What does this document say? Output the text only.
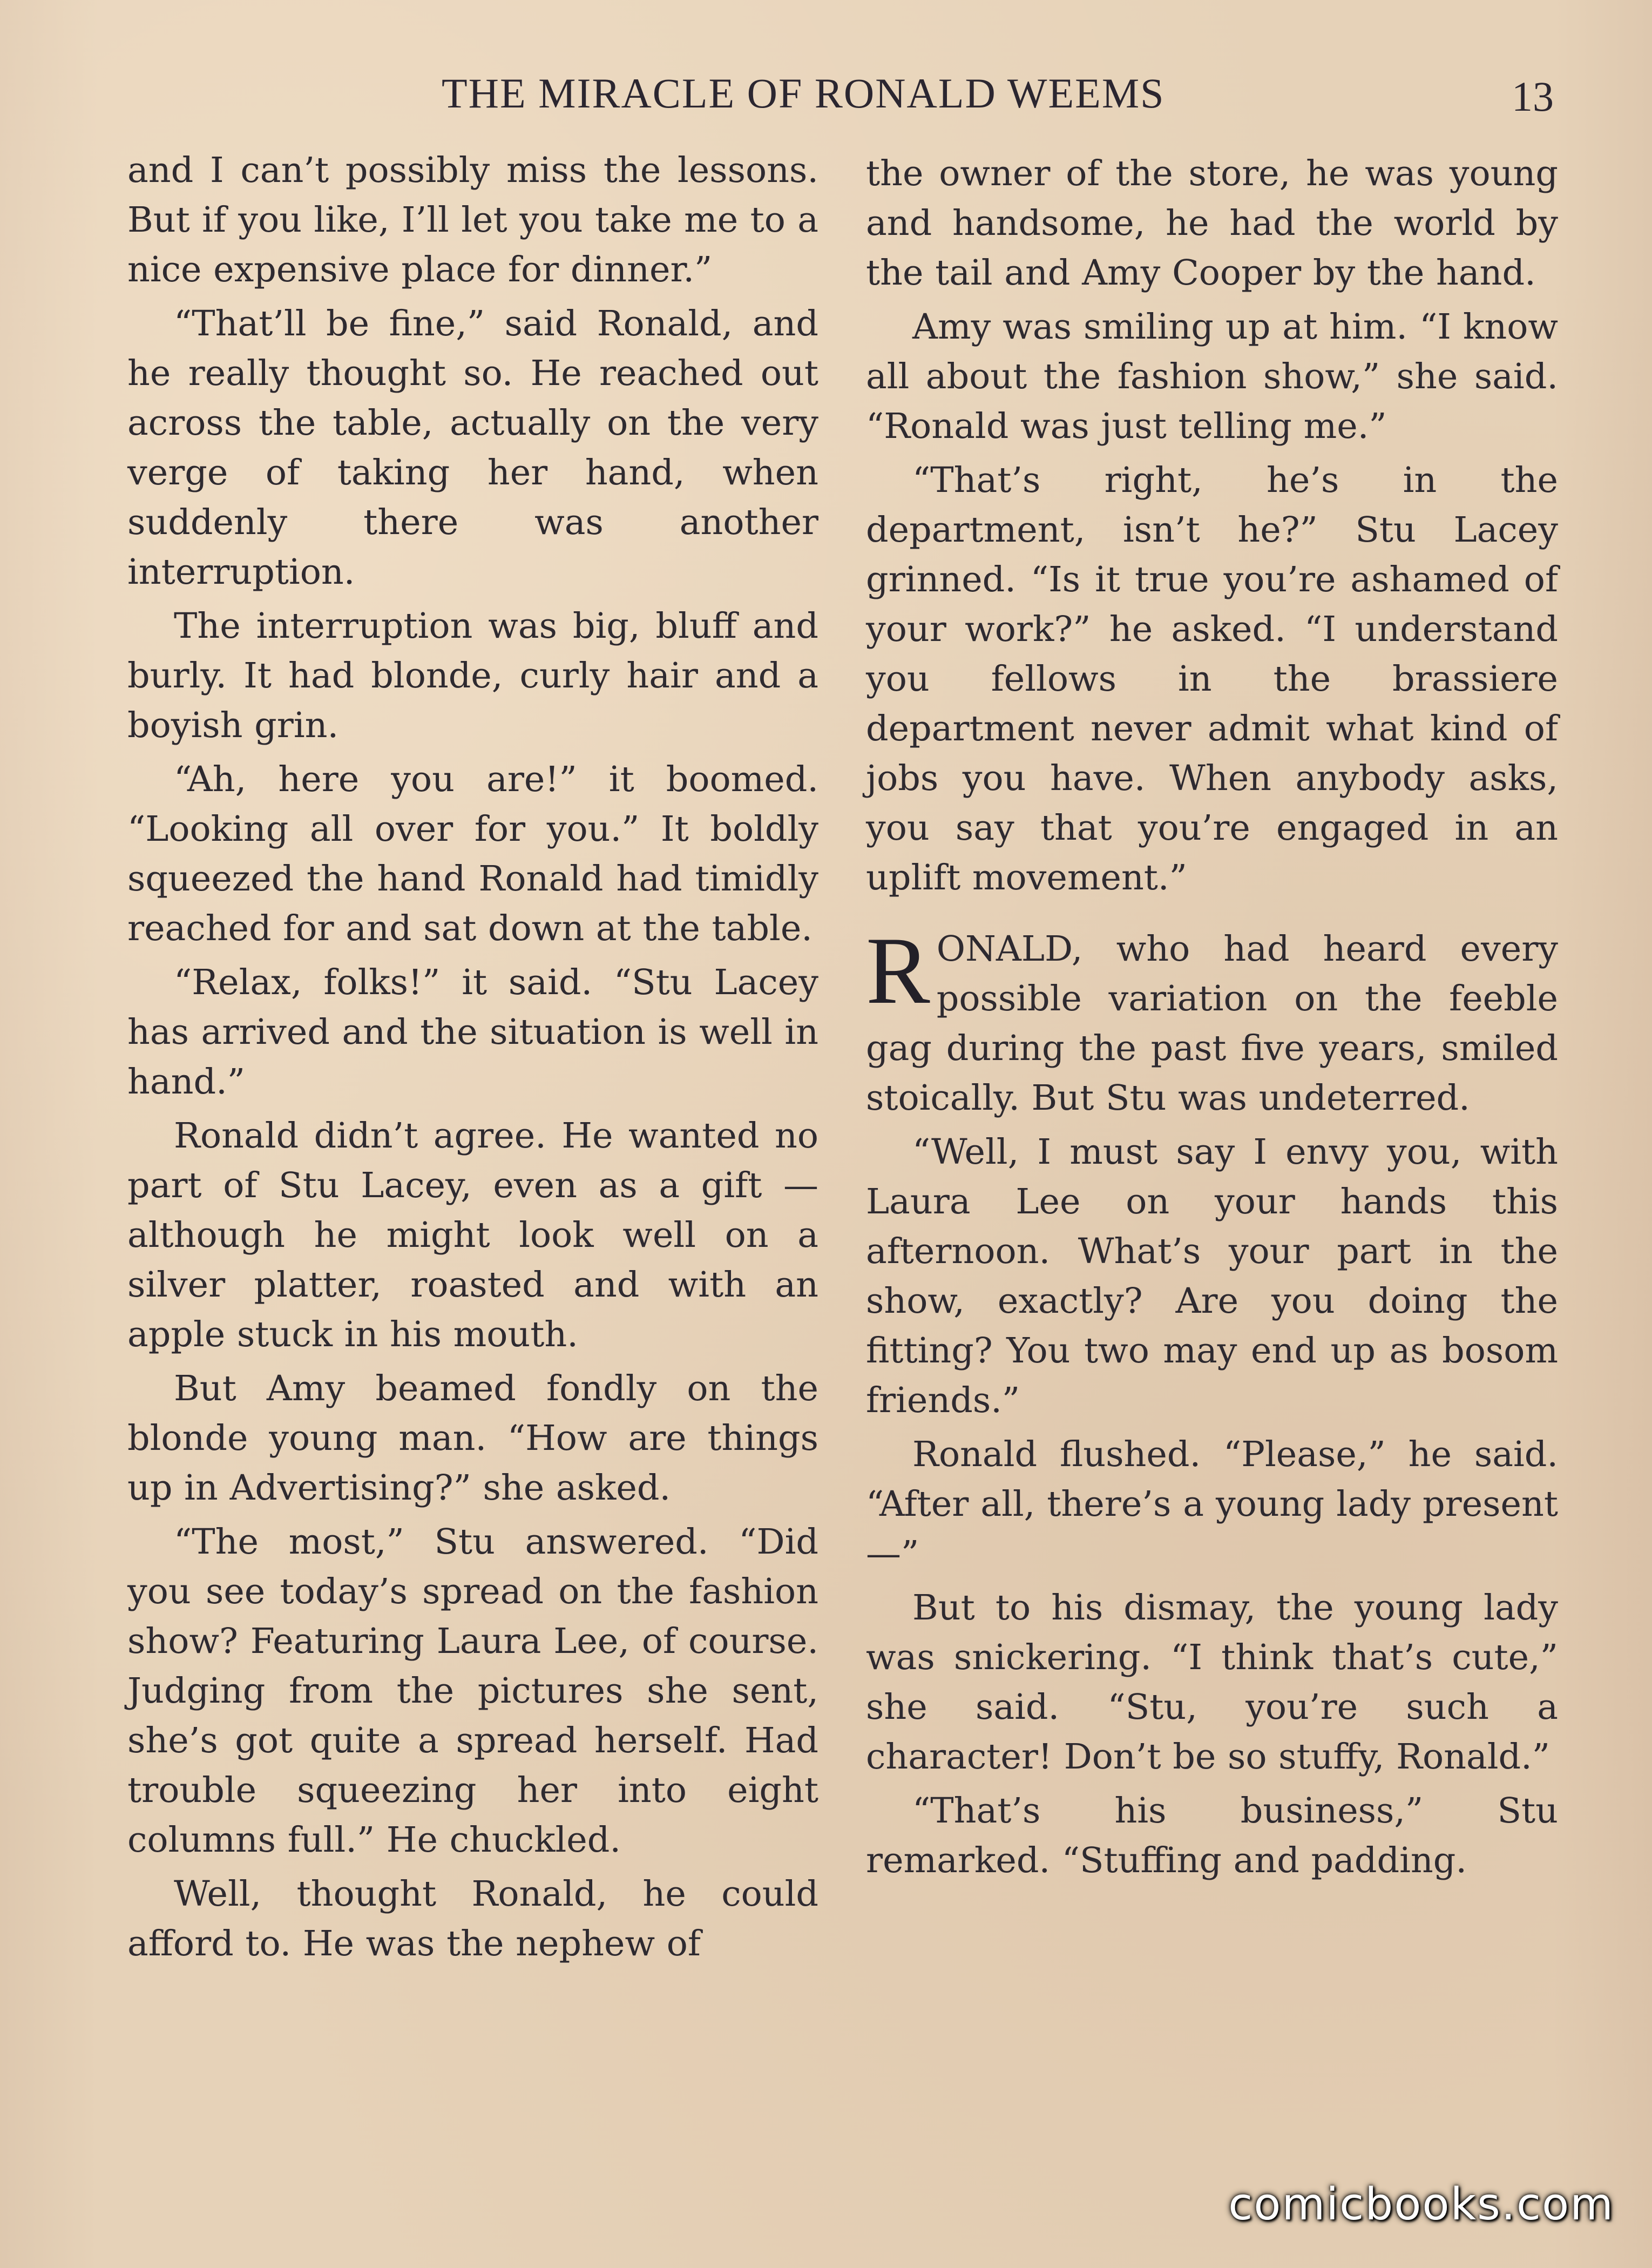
THE MIRACLE OF RONALD WEEMS	13

and I can’t possibly miss the lessons. But if you like, I’ll let you take me to a nice expensive place for dinner.”

“That’ll be fine,” said Ronald, and he really thought so. He reached out across the table, actually on the very verge of taking her hand, when suddenly there was another interruption.

The interruption was big, bluff and burly. It had blonde, curly hair and a boyish grin.

“Ah, here you are!” it boomed. “Looking all over for you.” It boldly squeezed the hand Ronald had timidly reached for and sat down at the table.

“Relax, folks!” it said. “Stu Lacey has arrived and the situation is well in hand.”

Ronald didn’t agree. He wanted no part of Stu Lacey, even as a gift — although he might look well on a silver platter, roasted and with an apple stuck in his mouth.

But Amy beamed fondly on the blonde young man. “How are things up in Advertising?” she asked.

“The most,” Stu answered. “Did you see today’s spread on the fashion show? Featuring Laura Lee, of course. Judging from the pictures she sent, she’s got quite a spread herself. Had trouble squeezing her into eight columns full.” He chuckled.

Well, thought Ronald, he could afford to. He was the nephew of

the owner of the store, he was young and handsome, he had the world by the tail and Amy Cooper by the hand.

Amy was smiling up at him. “I know all about the fashion show,” she said. “Ronald was just telling me.”

“That’s right, he’s in the department, isn’t he?” Stu Lacey grinned. “Is it true you’re ashamed of your work?” he asked. “I understand you fellows in the brassiere department never admit what kind of jobs you have. When anybody asks, you say that you’re engaged in an uplift movement.”

RONALD, who had heard every possible variation on the feeble gag during the past five years, smiled stoically. But Stu was undeterred.

“Well, I must say I envy you, with Laura Lee on your hands this afternoon. What’s your part in the show, exactly? Are you doing the fitting? You two may end up as bosom friends.”

Ronald flushed. “Please,” he said. “After all, there’s a young lady present —”

But to his dismay, the young lady was snickering. “I think that’s cute,” she said. “Stu, you’re such a character! Don’t be so stuffy, Ronald.”

“That’s his business,” Stu remarked. “Stuffing and padding.

comicbooks.com
